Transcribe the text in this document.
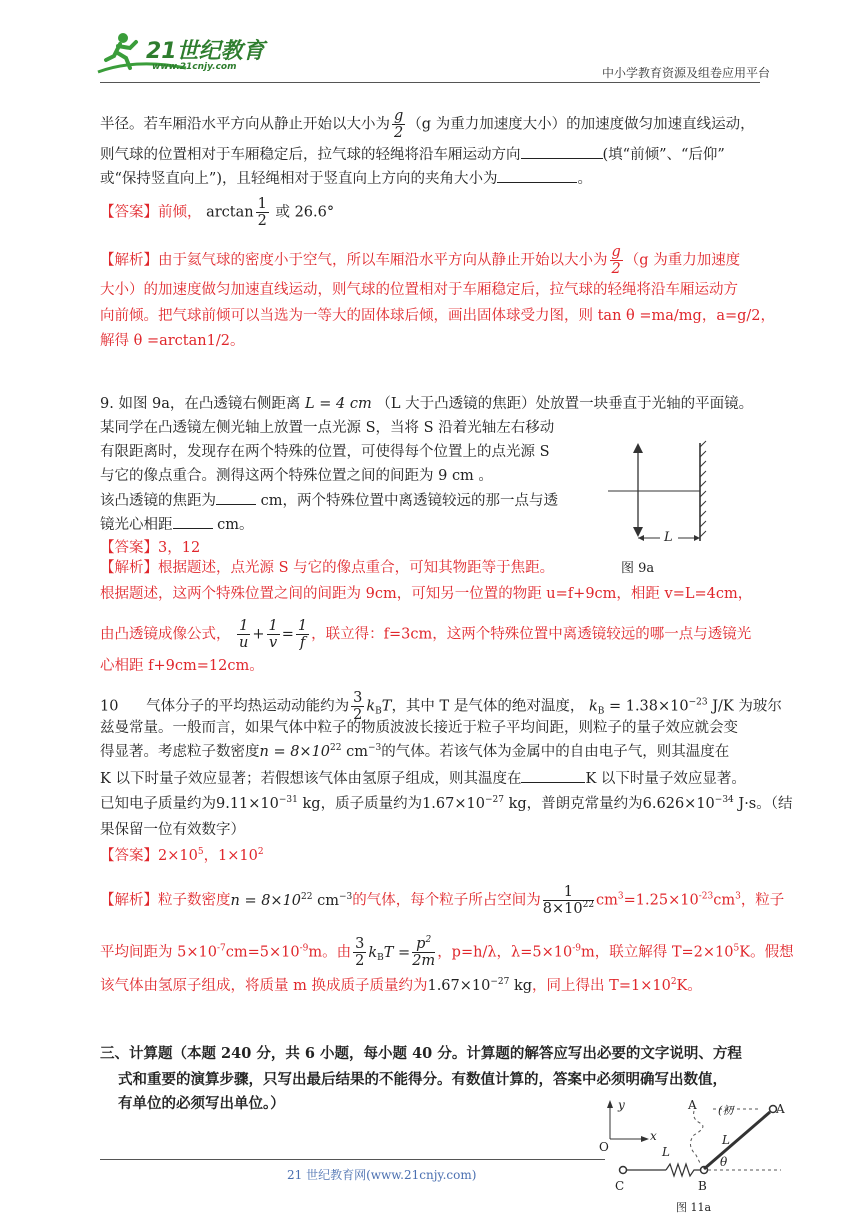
21世纪教育
www.21cnjy.com	中小学教育资源及组卷应用平台
半径。若车厢沿水平方向从静止开始以大小为 $\frac{g}{2} (g$ 为重力加速度大小）的加速度做匀加速直线运动，
则气球的位置相对于车厢稳定后，拉气球的轻绳将沿车厢运动方向	(填“前倾”、“后仰”
或“保持竖直向上”)，且轻绳相对于竖直向上方向的夹角大小为	。
【答案】前倾， $\arctan \frac{1}{2}$ 或 26.6°
【解析】由于氦气球的密度小于空气，所以车厢沿水平方向从静止开始以大小为 $\frac{g}{2} (g$ 为重力加速度
大小）的加速度做匀加速直线运动，则气球的位置相对于车厢稳定后，拉气球的轻绳将沿车厢运动方
向前倾。把气球前倾可以当选为一等大的固体球后倾，画出固体球受力图，则 tan θ =ma/mg，a=g/2，
解得 θ =arctan1/2。
9. 如图 9a，在凸透镜右侧距离 L = 4 cm （L 大于凸透镜的焦距）处放置一块垂直于光轴的平面镜。
某同学在凸透镜左侧光轴上放置一点光源 S，当将 S 沿着光轴左右移动
有限距离时，发现存在两个特殊的位置，可使得每个位置上的点光源 S
与它的像点重合。测得这两个特殊位置之间的间距为 9 cm 。
该凸透镜的焦距为	cm，两个特殊位置中离透镜较远的那一点与透
镜光心相距	cm。
【答案】3，12
【解析】根据题述，点光源 S 与它的像点重合，可知其物距等于焦距。
根据题述，这两个特殊位置之间的间距为 9cm，可知另一位置的物距 u=f+9cm，相距 v=L=4cm，
由凸透镜成像公式， $\frac{1}{u} + \frac{1}{v} = \frac{1}{f}$ ，联立得：f=3cm，这两个特殊位置中离透镜较远的哪一点与透镜光
心相距 f+9cm=12cm。
L
图 9a
10 气体分子的平均热运动动能约为 $\frac{3}{2} k_BT$，其中 T 是气体的绝对温度， $k_B = 1.38\times 10^{-23}$ J/K 为玻尔
兹曼常量。一般而言，如果气体中粒子的物质波波长接近于粒子平均间距，则粒子的量子效应就会变
得显著。考虑粒子数密度$n = 8\times 10^{22}$ $cm^{-3}$的气体。若该气体为金属中的自由电子气，则其温度在
K 以下时量子效应显著；若假想该气体由氢原子组成，则其温度在	K 以下时量子效应显著。
已知电子质量约为$9.11\times 10^{-31}$ kg，质子质量约为$1.67\times 10^{-27}$ kg，普朗克常量约为$6.626\times 10^{-34}$ J·s。（结
果保留一位有效数字）
【答案】$2\times 10^5$，$1\times 10^2$
【解析】粒子数密度$n = 8\times 10^{22}$ $cm^{-3}$的气体，每个粒子所占空间为 $\frac{1}{8\times 10^{22}} cm^3=1.25\times 10^{-23}cm^3$，粒子
平均间距为 $5\times 10^{-7}cm=5\times 10^{-9}m$。由 $\frac{3}{2} k_BT = \frac{p^2}{2m}$ ，p=h/λ，$\lambda=5\times 10^{-9}m$，联立解得 $T=2\times 10^5K$。假想
该气体由氢原子组成，将质量 m 换成质子质量约为$1.67\times 10^{-27}$ kg，同上得出 $T=1\times 10^2K$。
三、计算题（本题 240 分，共 6 小题，每小题 40 分。计算题的解答应写出必要的文字说明、方程
式和重要的演算步骤，只写出最后结果的不能得分。有数值计算的，答案中必须明确写出数值，
有单位的必须写出单位。）	y
x
O
A (初	A
L
L
θ
C	B
图 11a
21 世纪教育网(www.21cnjy.com)
